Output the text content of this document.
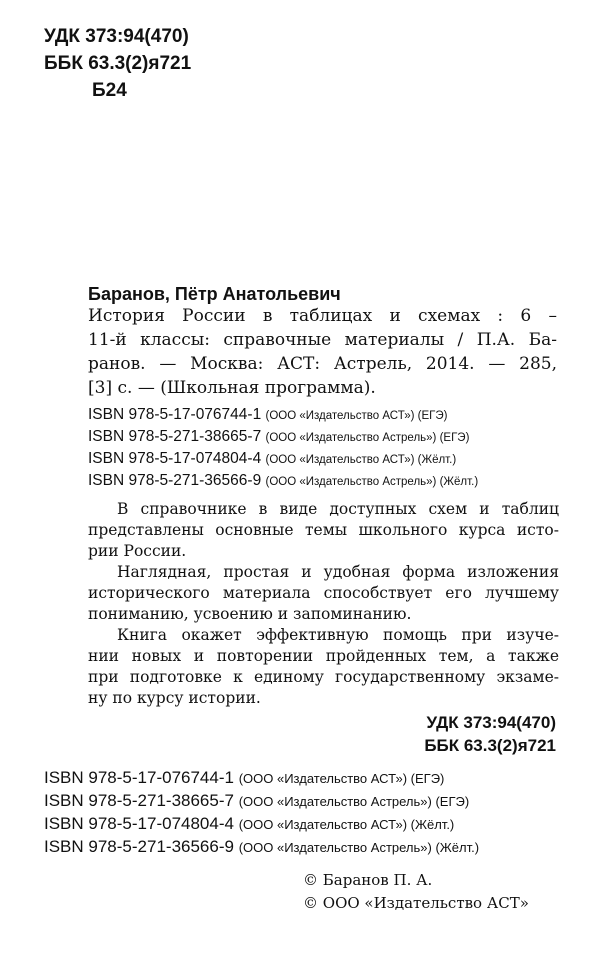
УДК 373:94(470)
ББК 63.3(2)я721
Б24
Баранов, Пётр Анатольевич
История России в таблицах и схемах : 6 –
11-й классы: справочные материалы / П.А. Ба-
ранов. — Москва: АСТ: Астрель, 2014. — 285,
[3] с. — (Школьная программа).
ISBN 978-5-17-076744-1 (ООО «Издательство АСТ») (ЕГЭ)
ISBN 978-5-271-38665-7 (ООО «Издательство Астрель») (ЕГЭ)
ISBN 978-5-17-074804-4 (ООО «Издательство АСТ») (Жёлт.)
ISBN 978-5-271-36566-9 (ООО «Издательство Астрель») (Жёлт.)
В справочнике в виде доступных схем и таблиц
представлены основные темы школьного курса исто-
рии России.
Наглядная, простая и удобная форма изложения
исторического материала способствует его лучшему
пониманию, усвоению и запоминанию.
Книга окажет эффективную помощь при изуче-
нии новых и повторении пройденных тем, а также
при подготовке к единому государственному экзаме-
ну по курсу истории.
УДК 373:94(470)
ББК 63.3(2)я721
ISBN 978-5-17-076744-1 (ООО «Издательство АСТ») (ЕГЭ)
ISBN 978-5-271-38665-7 (ООО «Издательство Астрель») (ЕГЭ)
ISBN 978-5-17-074804-4 (ООО «Издательство АСТ») (Жёлт.)
ISBN 978-5-271-36566-9 (ООО «Издательство Астрель») (Жёлт.)
© Баранов П. А.
© ООО «Издательство АСТ»
